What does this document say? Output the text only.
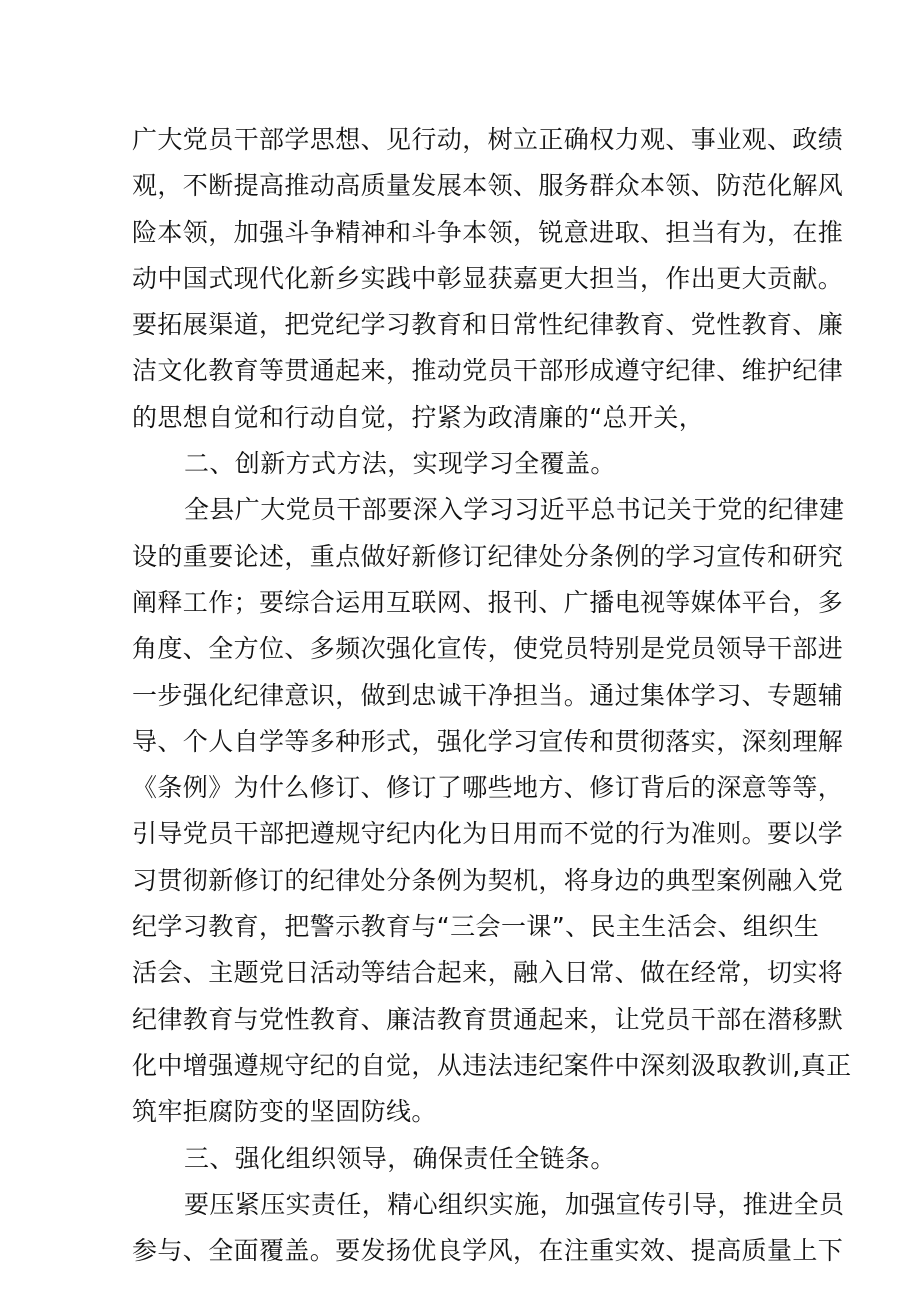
广大党员干部学思想、见行动，树立正确权力观、事业观、政绩
观，不断提高推动高质量发展本领、服务群众本领、防范化解风
险本领，加强斗争精神和斗争本领，锐意进取、担当有为，在推
动中国式现代化新乡实践中彰显获嘉更大担当，作出更大贡献。
要拓展渠道，把党纪学习教育和日常性纪律教育、党性教育、廉
洁文化教育等贯通起来，推动党员干部形成遵守纪律、维护纪律
的思想自觉和行动自觉，拧紧为政清廉的“总开关，
二、创新方式方法，实现学习全覆盖。
全县广大党员干部要深入学习习近平总书记关于党的纪律建
设的重要论述，重点做好新修订纪律处分条例的学习宣传和研究
阐释工作；要综合运用互联网、报刊、广播电视等媒体平台，多
角度、全方位、多频次强化宣传，使党员特别是党员领导干部进
一步强化纪律意识，做到忠诚干净担当。通过集体学习、专题辅
导、个人自学等多种形式，强化学习宣传和贯彻落实，深刻理解
《条例》为什么修订、修订了哪些地方、修订背后的深意等等，
引导党员干部把遵规守纪内化为日用而不觉的行为准则。要以学
习贯彻新修订的纪律处分条例为契机，将身边的典型案例融入党
纪学习教育，把警示教育与“三会一课”、民主生活会、组织生
活会、主题党日活动等结合起来，融入日常、做在经常，切实将
纪律教育与党性教育、廉洁教育贯通起来，让党员干部在潜移默
化中增强遵规守纪的自觉，从违法违纪案件中深刻汲取教训,真正
筑牢拒腐防变的坚固防线。
三、强化组织领导，确保责任全链条。
要压紧压实责任，精心组织实施，加强宣传引导，推进全员
参与、全面覆盖。要发扬优良学风，在注重实效、提高质量上下
